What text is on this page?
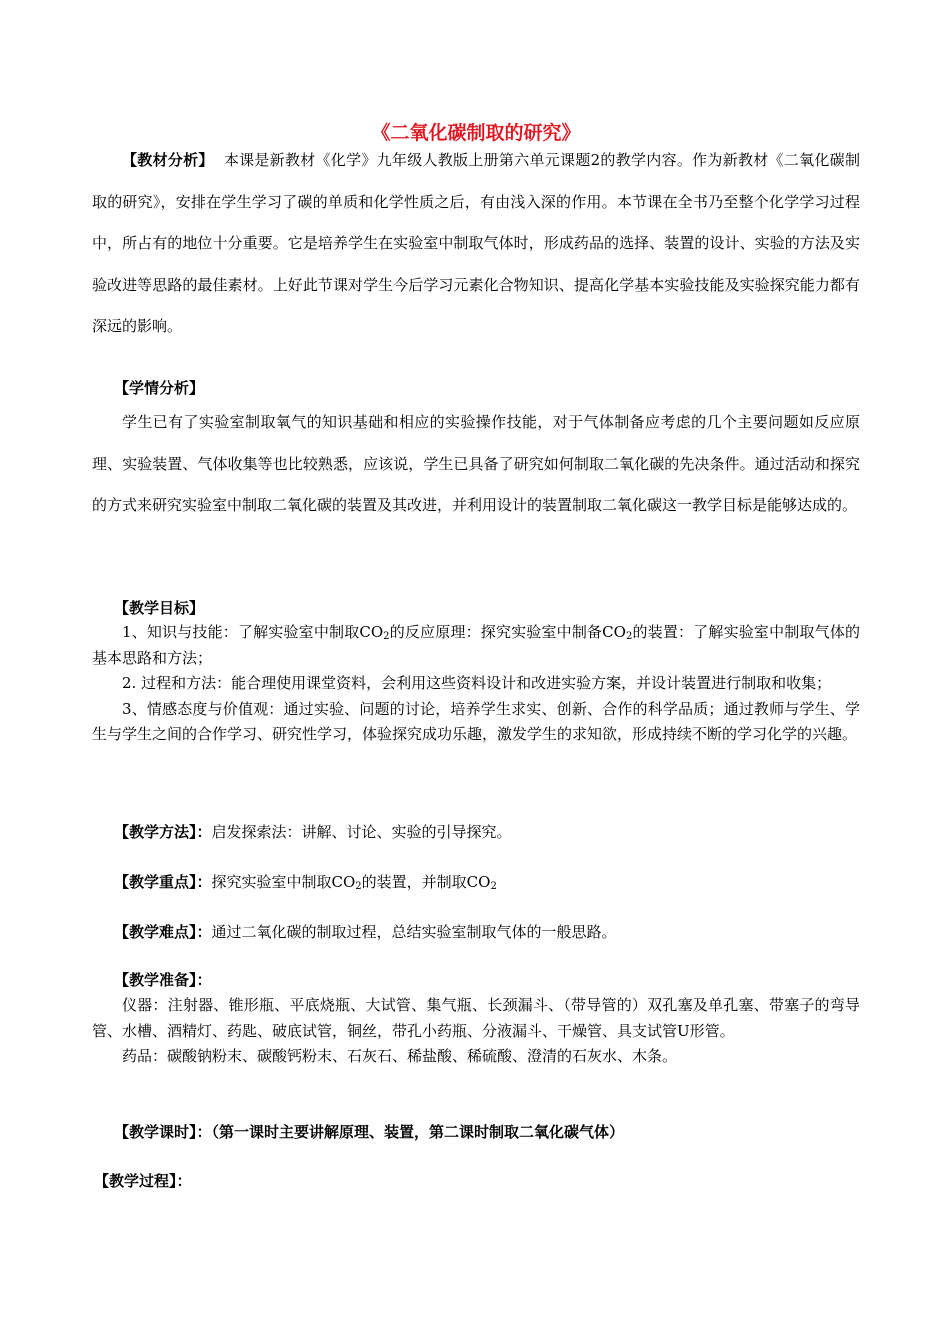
《二氧化碳制取的研究》
【教材分析】 本课是新教材《化学》九年级人教版上册第六单元课题2的教学内容。作为新教材《二氧化碳制取的研究》，安排在学生学习了碳的单质和化学性质之后，有由浅入深的作用。本节课在全书乃至整个化学学习过程中，所占有的地位十分重要。它是培养学生在实验室中制取气体时，形成药品的选择、装置的设计、实验的方法及实验改进等思路的最佳素材。上好此节课对学生今后学习元素化合物知识、提高化学基本实验技能及实验探究能力都有深远的影响。
【学情分析】
学生已有了实验室制取氧气的知识基础和相应的实验操作技能，对于气体制备应考虑的几个主要问题如反应原理、实验装置、气体收集等也比较熟悉，应该说，学生已具备了研究如何制取二氧化碳的先决条件。通过活动和探究的方式来研究实验室中制取二氧化碳的装置及其改进，并利用设计的装置制取二氧化碳这一教学目标是能够达成的。
【教学目标】

1、知识与技能：了解实验室中制取$CO_2$的反应原理：探究实验室中制备$CO_2$的装置：了解实验室中制取气体的基本思路和方法；

2. 过程和方法：能合理使用课堂资料，会利用这些资料设计和改进实验方案，并设计装置进行制取和收集；

3、情感态度与价值观：通过实验、问题的讨论，培养学生求实、创新、合作的科学品质；通过教师与学生、学生与学生之间的合作学习、研究性学习，体验探究成功乐趣，激发学生的求知欲，形成持续不断的学习化学的兴趣。

【教学方法】：启发探索法：讲解、讨论、实验的引导探究。
【教学重点】：探究实验室中制取$CO_2$的装置，并制取$CO_2$
【教学难点】：通过二氧化碳的制取过程，总结实验室制取气体的一般思路。
【教学准备】：

仪器：注射器、锥形瓶、平底烧瓶、大试管、集气瓶、长颈漏斗、（带导管的）双孔塞及单孔塞、带塞子的弯导管、水槽、酒精灯、药匙、破底试管，铜丝，带孔小药瓶、分液漏斗、干燥管、具支试管U形管。

药品：碳酸钠粉末、碳酸钙粉末、石灰石、稀盐酸、稀硫酸、澄清的石灰水、木条。

【教学课时】：（第一课时主要讲解原理、装置，第二课时制取二氧化碳气体）
【教学过程】：
